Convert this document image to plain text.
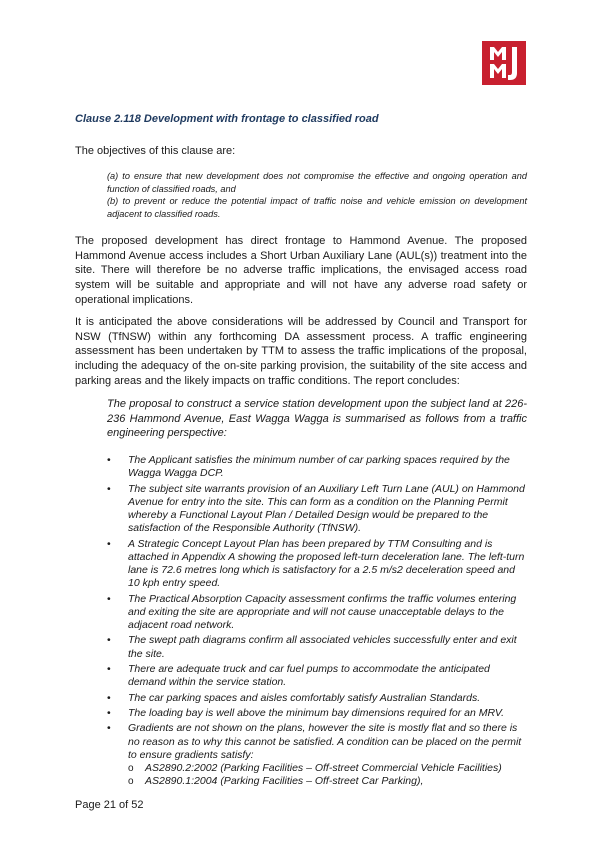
Clause 2.118 Development with frontage to classified road

The objectives of this clause are:

(a) to ensure that new development does not compromise the effective and ongoing operation and function of classified roads, and
(b) to prevent or reduce the potential impact of traffic noise and vehicle emission on development adjacent to classified roads.

The proposed development has direct frontage to Hammond Avenue. The proposed Hammond Avenue access includes a Short Urban Auxiliary Lane (AUL(s)) treatment into the site. There will therefore be no adverse traffic implications, the envisaged access road system will be suitable and appropriate and will not have any adverse road safety or operational implications.

It is anticipated the above considerations will be addressed by Council and Transport for NSW (TfNSW) within any forthcoming DA assessment process. A traffic engineering assessment has been undertaken by TTM to assess the traffic implications of the proposal, including the adequacy of the on-site parking provision, the suitability of the site access and parking areas and the likely impacts on traffic conditions. The report concludes:

The proposal to construct a service station development upon the subject land at 226-236 Hammond Avenue, East Wagga Wagga is summarised as follows from a traffic engineering perspective:

• The Applicant satisfies the minimum number of car parking spaces required by the Wagga Wagga DCP.
• The subject site warrants provision of an Auxiliary Left Turn Lane (AUL) on Hammond Avenue for entry into the site. This can form as a condition on the Planning Permit whereby a Functional Layout Plan / Detailed Design would be prepared to the satisfaction of the Responsible Authority (TfNSW).
• A Strategic Concept Layout Plan has been prepared by TTM Consulting and is attached in Appendix A showing the proposed left-turn deceleration lane. The left-turn lane is 72.6 metres long which is satisfactory for a 2.5 m/s2 deceleration speed and 10 kph entry speed.
• The Practical Absorption Capacity assessment confirms the traffic volumes entering and exiting the site are appropriate and will not cause unacceptable delays to the adjacent road network.
• The swept path diagrams confirm all associated vehicles successfully enter and exit the site.
• There are adequate truck and car fuel pumps to accommodate the anticipated demand within the service station.
• The car parking spaces and aisles comfortably satisfy Australian Standards.
• The loading bay is well above the minimum bay dimensions required for an MRV.
• Gradients are not shown on the plans, however the site is mostly flat and so there is no reason as to why this cannot be satisfied. A condition can be placed on the permit to ensure gradients satisfy:
o AS2890.2:2002 (Parking Facilities – Off-street Commercial Vehicle Facilities)
o AS2890.1:2004 (Parking Facilities – Off-street Car Parking),

Page 21 of 52
